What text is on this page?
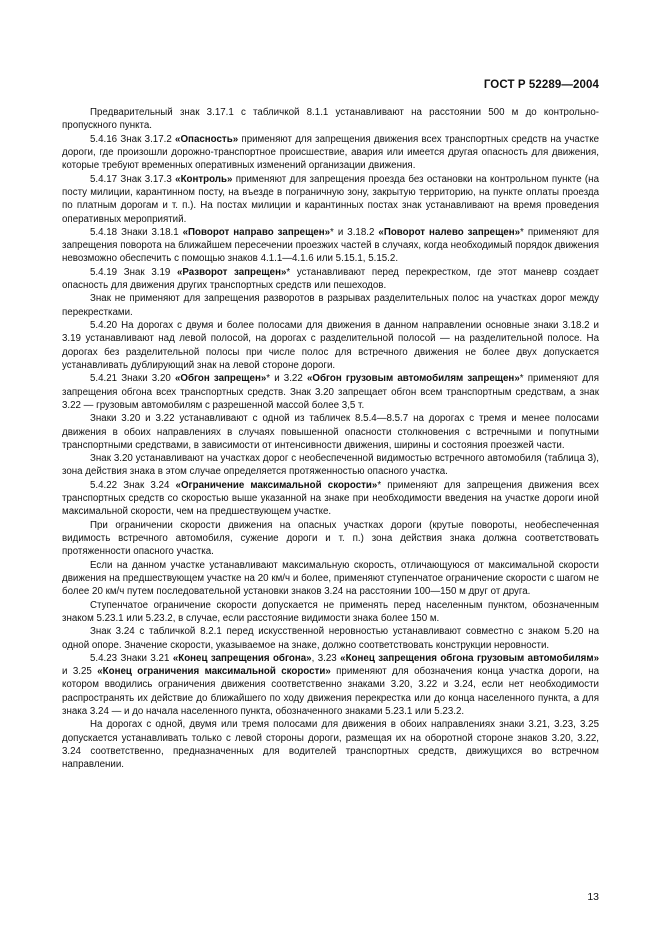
ГОСТ Р 52289—2004

Предварительный знак 3.17.1 с табличкой 8.1.1 устанавливают на расстоянии 500 м до контрольно-пропускного пункта.

5.4.16 Знак 3.17.2 «Опасность» применяют для запрещения движения всех транспортных средств на участке дороги, где произошли дорожно-транспортное происшествие, авария или имеется другая опасность для движения, которые требуют временных оперативных изменений организации движения.

5.4.17 Знак 3.17.3 «Контроль» применяют для запрещения проезда без остановки на контрольном пункте (на посту милиции, карантинном посту, на въезде в пограничную зону, закрытую территорию, на пункте оплаты проезда по платным дорогам и т. п.). На постах милиции и карантинных постах знак устанавливают на время проведения оперативных мероприятий.

5.4.18 Знаки 3.18.1 «Поворот направо запрещен»* и 3.18.2 «Поворот налево запрещен»* применяют для запрещения поворота на ближайшем пересечении проезжих частей в случаях, когда необходимый порядок движения невозможно обеспечить с помощью знаков 4.1.1—4.1.6 или 5.15.1, 5.15.2.

5.4.19 Знак 3.19 «Разворот запрещен»* устанавливают перед перекрестком, где этот маневр создает опасность для движения других транспортных средств или пешеходов.

Знак не применяют для запрещения разворотов в разрывах разделительных полос на участках дорог между перекрестками.

5.4.20 На дорогах с двумя и более полосами для движения в данном направлении основные знаки 3.18.2 и 3.19 устанавливают над левой полосой, на дорогах с разделительной полосой — на разделительной полосе. На дорогах без разделительной полосы при числе полос для встречного движения не более двух допускается устанавливать дублирующий знак на левой стороне дороги.

5.4.21 Знаки 3.20 «Обгон запрещен»* и 3.22 «Обгон грузовым автомобилям запрещен»* применяют для запрещения обгона всех транспортных средств. Знак 3.20 запрещает обгон всем транспортным средствам, а знак 3.22 — грузовым автомобилям с разрешенной массой более 3,5 т.

Знаки 3.20 и 3.22 устанавливают с одной из табличек 8.5.4—8.5.7 на дорогах с тремя и менее полосами движения в обоих направлениях в случаях повышенной опасности столкновения с встречными и попутными транспортными средствами, в зависимости от интенсивности движения, ширины и состояния проезжей части.

Знак 3.20 устанавливают на участках дорог с необеспеченной видимостью встречного автомобиля (таблица 3), зона действия знака в этом случае определяется протяженностью опасного участка.

5.4.22 Знак 3.24 «Ограничение максимальной скорости»* применяют для запрещения движения всех транспортных средств со скоростью выше указанной на знаке при необходимости введения на участке дороги иной максимальной скорости, чем на предшествующем участке.

При ограничении скорости движения на опасных участках дороги (крутые повороты, необеспеченная видимость встречного автомобиля, сужение дороги и т. п.) зона действия знака должна соответствовать протяженности опасного участка.

Если на данном участке устанавливают максимальную скорость, отличающуюся от максимальной скорости движения на предшествующем участке на 20 км/ч и более, применяют ступенчатое ограничение скорости с шагом не более 20 км/ч путем последовательной установки знаков 3.24 на расстоянии 100—150 м друг от друга.

Ступенчатое ограничение скорости допускается не применять перед населенным пунктом, обозначенным знаком 5.23.1 или 5.23.2, в случае, если расстояние видимости знака более 150 м.

Знак 3.24 с табличкой 8.2.1 перед искусственной неровностью устанавливают совместно с знаком 5.20 на одной опоре. Значение скорости, указываемое на знаке, должно соответствовать конструкции неровности.

5.4.23 Знаки 3.21 «Конец запрещения обгона», 3.23 «Конец запрещения обгона грузовым автомобилям» и 3.25 «Конец ограничения максимальной скорости» применяют для обозначения конца участка дороги, на котором вводились ограничения движения соответственно знаками 3.20, 3.22 и 3.24, если нет необходимости распространять их действие до ближайшего по ходу движения перекрестка или до конца населенного пункта, а для знака 3.24 — и до начала населенного пункта, обозначенного знаками 5.23.1 или 5.23.2.

На дорогах с одной, двумя или тремя полосами для движения в обоих направлениях знаки 3.21, 3.23, 3.25 допускается устанавливать только с левой стороны дороги, размещая их на оборотной стороне знаков 3.20, 3.22, 3.24 соответственно, предназначенных для водителей транспортных средств, движущихся во встречном направлении.

13
